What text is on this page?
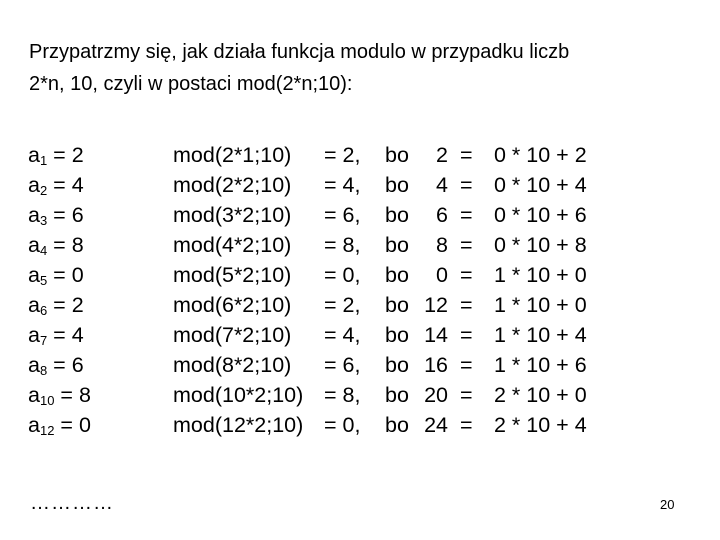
Przypatrzmy się, jak działa funkcja modulo w przypadku liczb

2*n, 10, czyli w postaci mod(2*n;10):

$a_1 = 2$	mod(2*1;10) = 2, bo	2 = 0 * 10 + 2
$a_2 = 4$	mod(2*2;10) = 4, bo	4 = 0 * 10 + 4
$a_3 = 6$	mod(3*2;10) = 6, bo	6 = 0 * 10 + 6
$a_4 = 8$	mod(4*2;10) = 8, bo	8 = 0 * 10 + 8
$a_5 = 0$	mod(5*2;10) = 0, bo	0 = 1 * 10 + 0
$a_6 = 2$	mod(6*2;10) = 2, bo 12 = 1 * 10 + 0
$a_7 = 4$	mod(7*2;10) = 4, bo 14 = 1 * 10 + 4
$a_8 = 6$	mod(8*2;10) = 6, bo 16 = 1 * 10 + 6
$a_{10} = 8$	mod(10*2;10) = 8, bo 20 = 2 * 10 + 0
$a_{12} = 0$	mod(12*2;10) = 0, bo 24 = 2 * 10 + 4
…………	20
